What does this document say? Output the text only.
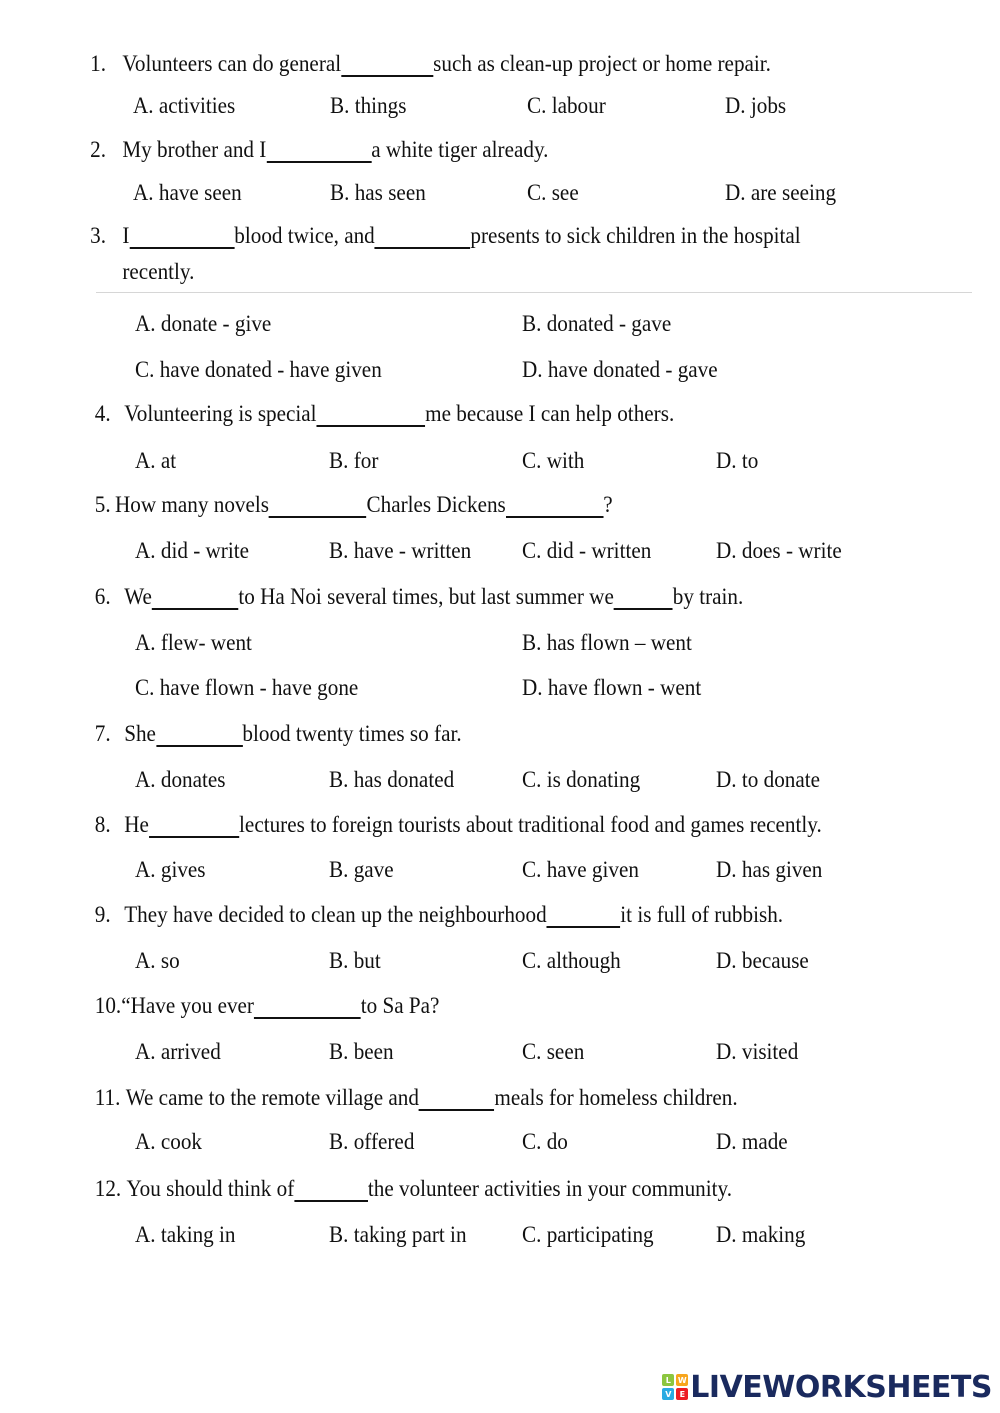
1. Volunteers can do general	such as clean-up project or home repair.
A. activities	B. things	C. labour	D. jobs
2. My brother and I	a white tiger already.
A. have seen	B. has seen	C. see	D. are seeing
3. I	blood twice, and	presents to sick children in the hospital
recently.
A. donate - give	B. donated - gave
C. have donated - have given	D. have donated - gave
4. Volunteering is special	me because I can help others.
A. at	B. for	C. with	D. to
5. How many novels	Charles Dickens	?
A. did - write	B. have - written C. did - written	D. does - write
6. We	to Ha Noi several times, but last summer we	by train.
A. flew- went	B. has flown – went
C. have flown - have gone	D. have flown - went
7. She	blood twenty times so far.
A. donates	B. has donated	C. is donating	D. to donate
8. He	lectures to foreign tourists about traditional food and games recently.
A. gives	B. gave	C. have given	D. has given
9. They have decided to clean up the neighbourhood	it is full of rubbish.
A. so	B. but	C. although	D. because
10.“Have you ever	to Sa Pa?
A. arrived	B. been	C. seen	D. visited
11. We came to the remote village and	meals for homeless children.
A. cook	B. offered	C. do	D. made
12. You should think of	the volunteer activities in your community.
A. taking in	B. taking part in C. participating	D. making
L W
V	E LIVEWORKSHEETS
